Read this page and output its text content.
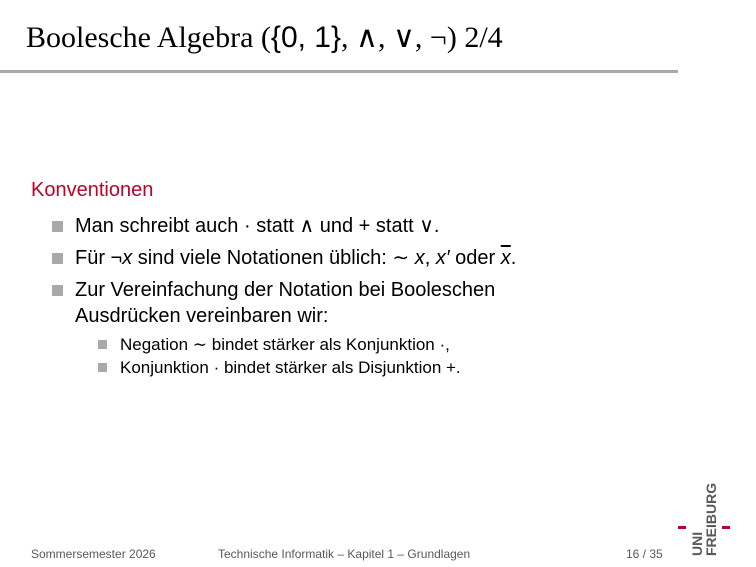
Boolesche Algebra ({0, 1}, ∧, ∨, ¬) 2/4
Konventionen
Man schreibt auch · statt ∧ und + statt ∨.
Für ¬x sind viele Notationen üblich: ∼ x, x′ oder $\overline{x}$.
Zur Vereinfachung der Notation bei Booleschen
Ausdrücken vereinbaren wir:
Negation ∼ bindet stärker als Konjunktion ·,
Konjunktion · bindet stärker als Disjunktion +.
Sommersemester 2026	Technische Informatik – Kapitel 1 – Grundlagen	16 / 35 UNI
FREIBURG
